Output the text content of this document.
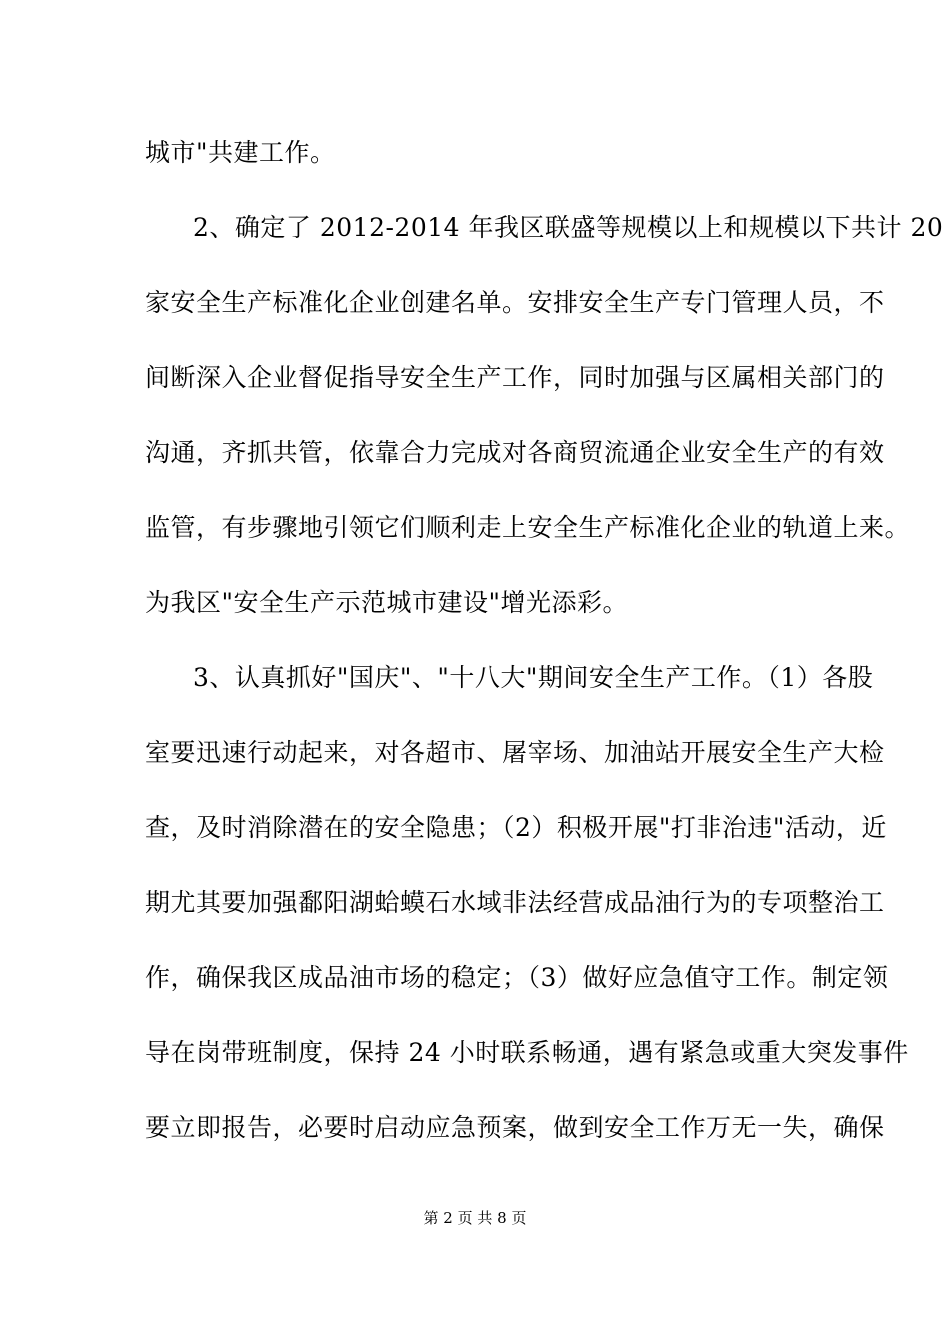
城市"共建工作。
2、确定了 2012-2014 年我区联盛等规模以上和规模以下共计 20
家安全生产标准化企业创建名单。安排安全生产专门管理人员，不
间断深入企业督促指导安全生产工作，同时加强与区属相关部门的
沟通，齐抓共管，依靠合力完成对各商贸流通企业安全生产的有效
监管，有步骤地引领它们顺利走上安全生产标准化企业的轨道上来。
为我区"安全生产示范城市建设"增光添彩。
3、认真抓好"国庆"、"十八大"期间安全生产工作。（1）各股
室要迅速行动起来，对各超市、屠宰场、加油站开展安全生产大检
查，及时消除潜在的安全隐患；（2）积极开展"打非治违"活动，近
期尤其要加强鄱阳湖蛤蟆石水域非法经营成品油行为的专项整治工
作，确保我区成品油市场的稳定；（3）做好应急值守工作。制定领
导在岗带班制度，保持 24 小时联系畅通，遇有紧急或重大突发事件
要立即报告，必要时启动应急预案，做到安全工作万无一失，确保
第 2 页 共 8 页
